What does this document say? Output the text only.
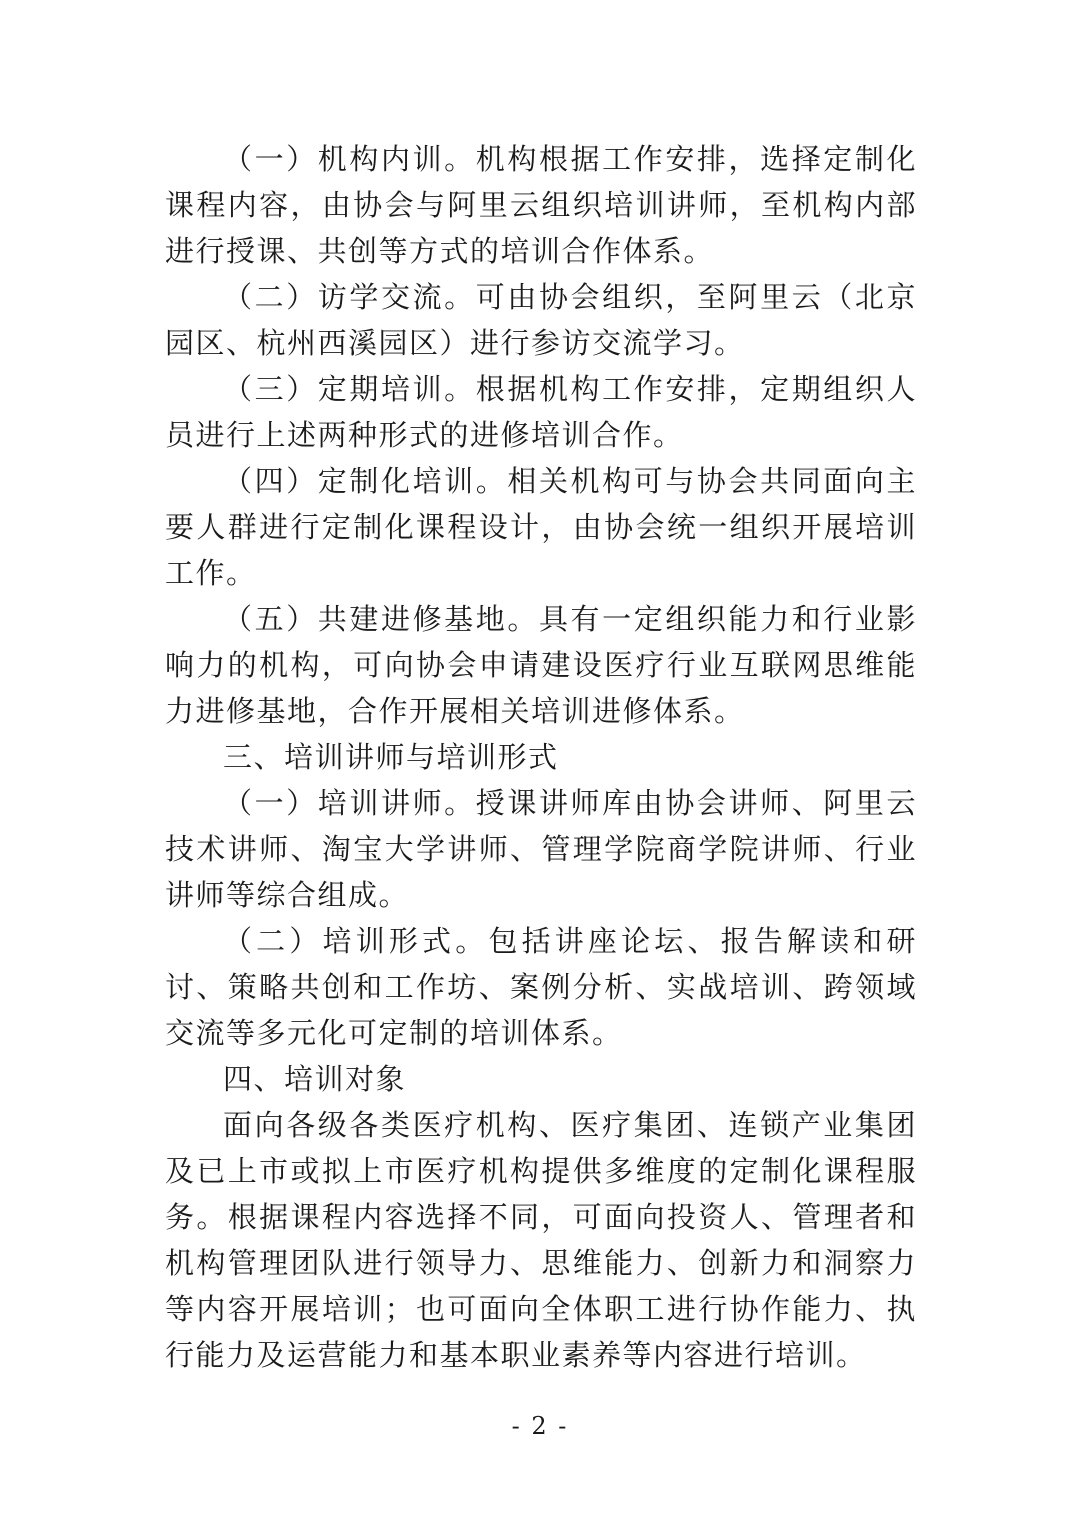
（一）机构内训。机构根据工作安排，选择定制化课程内容，由协会与阿里云组织培训讲师，至机构内部进行授课、共创等方式的培训合作体系。

（二）访学交流。可由协会组织，至阿里云（北京园区、杭州西溪园区）进行参访交流学习。

（三）定期培训。根据机构工作安排，定期组织人员进行上述两种形式的进修培训合作。

（四）定制化培训。相关机构可与协会共同面向主要人群进行定制化课程设计，由协会统一组织开展培训工作。

（五）共建进修基地。具有一定组织能力和行业影响力的机构，可向协会申请建设医疗行业互联网思维能力进修基地，合作开展相关培训进修体系。

三、培训讲师与培训形式

（一）培训讲师。授课讲师库由协会讲师、阿里云技术讲师、淘宝大学讲师、管理学院商学院讲师、行业讲师等综合组成。

（二）培训形式。包括讲座论坛、报告解读和研讨、策略共创和工作坊、案例分析、实战培训、跨领域交流等多元化可定制的培训体系。

四、培训对象

面向各级各类医疗机构、医疗集团、连锁产业集团及已上市或拟上市医疗机构提供多维度的定制化课程服务。根据课程内容选择不同，可面向投资人、管理者和机构管理团队进行领导力、思维能力、创新力和洞察力等内容开展培训；也可面向全体职工进行协作能力、执行能力及运营能力和基本职业素养等内容进行培训。

- 2 -
